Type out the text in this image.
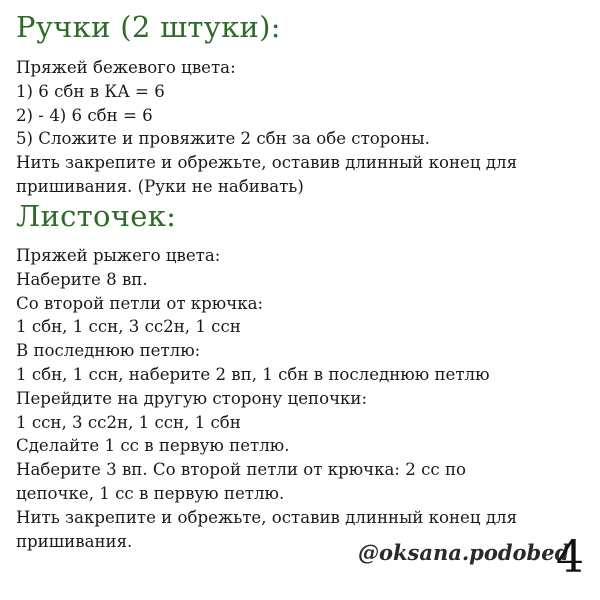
Ручки (2 штуки):
Пряжей бежевого цвета:
1) 6 сбн в КА = 6
2) - 4) 6 сбн = 6
5) Сложите и провяжите 2 сбн за обе стороны.
Нить закрепите и обрежьте, оставив длинный конец для
пришивания. (Руки не набивать)
Листочек:
Пряжей рыжего цвета:
Наберите 8 вп.
Со второй петли от крючка:
1 сбн, 1 ссн, 3 сс2н, 1 ссн
В последнюю петлю:
1 сбн, 1 ссн, наберите 2 вп, 1 сбн в последнюю петлю
Перейдите на другую сторону цепочки:
1 ссн, 3 сс2н, 1 ссн, 1 сбн
Сделайте 1 сс в первую петлю.
Наберите 3 вп. Со второй петли от крючка: 2 сс по
цепочке, 1 сс в первую петлю.
Нить закрепите и обрежьте, оставив длинный конец для
пришивания.	@oksana.podobed
4
